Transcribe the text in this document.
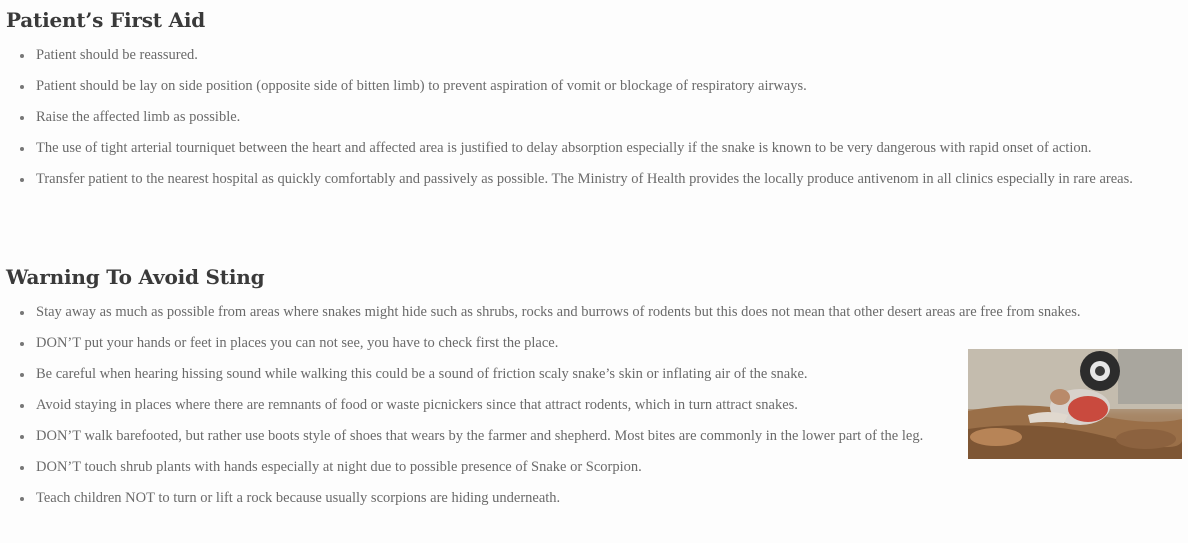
Patient’s First Aid
Patient should be reassured.
Patient should be lay on side position (opposite side of bitten limb) to prevent aspiration of vomit or blockage of respiratory airways.
Raise the affected limb as possible.
The use of tight arterial tourniquet between the heart and affected area is justified to delay absorption especially if the snake is known to be very dangerous with rapid onset of action.
Transfer patient to the nearest hospital as quickly comfortably and passively as possible. The Ministry of Health provides the locally produce antivenom in all clinics especially in rare areas.
Warning To Avoid Sting
Stay away as much as possible from areas where snakes might hide such as shrubs, rocks and burrows of rodents but this does not mean that other desert areas are free from snakes.
DON’T put your hands or feet in places you can not see, you have to check first the place.
Be careful when hearing hissing sound while walking this could be a sound of friction scaly snake’s skin or inflating air of the snake.
Avoid staying in places where there are remnants of food or waste picnickers since that attract rodents, which in turn attract snakes.
DON’T walk barefooted, but rather use boots style of shoes that wears by the farmer and shepherd. Most bites are commonly in the lower part of the leg.
DON’T touch shrub plants with hands especially at night due to possible presence of Snake or Scorpion.
Teach children NOT to turn or lift a rock because usually scorpions are hiding underneath.
